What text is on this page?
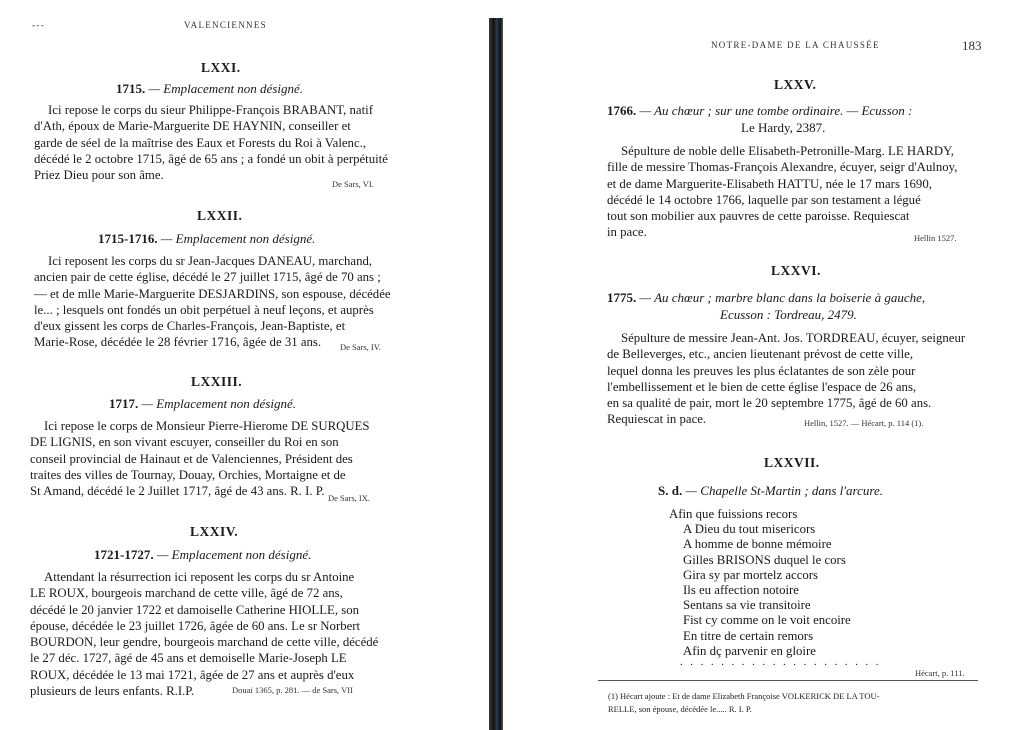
---	VALENCIENNES
LXXI.
1715. — Emplacement non désigné.

Ici repose le corps du sieur Philippe-François BRABANT, natif

d'Ath, époux de Marie-Marguerite DE HAYNIN, conseiller et

garde de séel de la maîtrise des Eaux et Forests du Roi à Valenc.,

décédé le 2 octobre 1715, âgé de 65 ans ; a fondé un obit à perpétuité

Priez Dieu pour son âme.

De Sars, VI.
LXXII.
1715-1716. — Emplacement non désigné.

Ici reposent les corps du sr Jean-Jacques DANEAU, marchand,

ancien pair de cette église, décédé le 27 juillet 1715, âgé de 70 ans ;

— et de mlle Marie-Marguerite DESJARDINS, son espouse, décédée

le... ; lesquels ont fondés un obit perpétuel à neuf leçons, et auprès

d'eux gissent les corps de Charles-François, Jean-Baptiste, et

Marie-Rose, décédée le 28 février 1716, âgée de 31 ans.	De Sars, IV.
LXXIII.
1717. — Emplacement non désigné.

Ici repose le corps de Monsieur Pierre-Hierome DE SURQUES

DE LIGNIS, en son vivant escuyer, conseiller du Roi en son

conseil provincial de Hainaut et de Valenciennes, Président des

traites des villes de Tournay, Douay, Orchies, Mortaigne et de

St Amand, décédé le 2 Juillet 1717, âgé de 43 ans. R. I. P. De Sars, IX.
LXXIV.
1721-1727. — Emplacement non désigné.

Attendant la résurrection ici reposent les corps du sr Antoine

LE ROUX, bourgeois marchand de cette ville, âgé de 72 ans,

décédé le 20 janvier 1722 et damoiselle Catherine HIOLLE, son

épouse, décédée le 23 juillet 1726, âgée de 60 ans. Le sr Norbert

BOURDON, leur gendre, bourgeois marchand de cette ville, décédé

le 27 déc. 1727, âgé de 45 ans et demoiselle Marie-Joseph LE

ROUX, décédée le 13 mai 1721, âgée de 27 ans et auprès d'eux

plusieurs de leurs enfants. R.I.P.	Douai 1365, p. 281. — de Sars, VII
NOTRE-DAME DE LA CHAUSSÉE	183
LXXV.
1766. — Au chœur ; sur une tombe ordinaire. — Ecusson :
Le Hardy, 2387.

Sépulture de noble delle Elisabeth-Petronille-Marg. LE HARDY,

fille de messire Thomas-François Alexandre, écuyer, seigr d'Aulnoy,

et de dame Marguerite-Elisabeth HATTU, née le 17 mars 1690,

décédé le 14 octobre 1766, laquelle par son testament a légué

tout son mobilier aux pauvres de cette paroisse. Requiescat

in pace.	Hellin 1527.
LXXVI.
1775. — Au chœur ; marbre blanc dans la boiserie à gauche,
Ecusson : Tordreau, 2479.

Sépulture de messire Jean-Ant. Jos. TORDREAU, écuyer, seigneur

de Belleverges, etc., ancien lieutenant prévost de cette ville,

lequel donna les preuves les plus éclatantes de son zèle pour

l'embellissement et le bien de cette église l'espace de 26 ans,

en sa qualité de pair, mort le 20 septembre 1775, âgé de 60 ans.

Requiescat in pace.	Hellin, 1527. — Hécart, p. 114 (1).
LXXVII.
S. d. — Chapelle St-Martin ; dans l'arcure.
Afin que fuissions recors
A Dieu du tout misericors
A homme de bonne mémoire
Gilles BRISONS duquel le cors
Gira sy par mortelz accors
Ils eu affection notoire
Sentans sa vie transitoire
Fist cy comme on le voit encoire
En titre de certain remors
Afin dç parvenir en gloire
. . . . . . . . . . . . . . . . . . . .
Hécart, p. 111.
(1) Hécart ajoute : Et de dame Elizabeth Françoise VOLKERICK DE LA TOU-
RELLE, son épouse, décédée le..... R. I. P.
